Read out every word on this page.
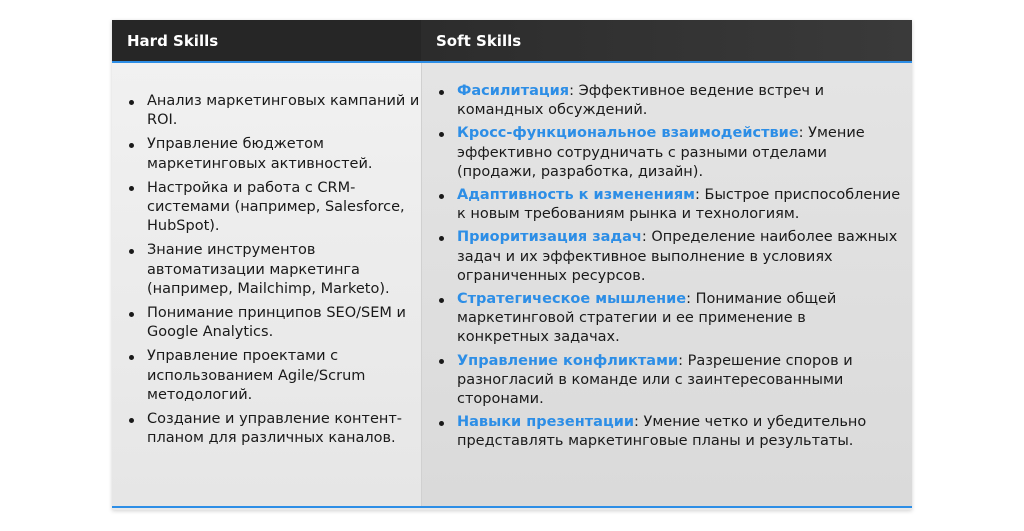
Hard Skills	Soft Skills
Анализ маркетинговых кампаний и ROI.
Управление бюджетом маркетинговых активностей.
Настройка и работа с CRM-системами (например, Salesforce, HubSpot).
Знание инструментов автоматизации маркетинга (например, Mailchimp, Marketo).
Понимание принципов SEO/SEM и Google Analytics.
Управление проектами с использованием Agile/Scrum методологий.
Создание и управление контент-планом для различных каналов.
Фасилитация: Эффективное ведение встреч и командных обсуждений.
Кросс-функциональное взаимодействие: Умение эффективно сотрудничать с разными отделами (продажи, разработка, дизайн).
Адаптивность к изменениям: Быстрое приспособление к новым требованиям рынка и технологиям.
Приоритизация задач: Определение наиболее важных задач и их эффективное выполнение в условиях ограниченных ресурсов.
Стратегическое мышление: Понимание общей маркетинговой стратегии и ее применение в конкретных задачах.
Управление конфликтами: Разрешение споров и разногласий в команде или с заинтересованными сторонами.
Навыки презентации: Умение четко и убедительно представлять маркетинговые планы и результаты.
